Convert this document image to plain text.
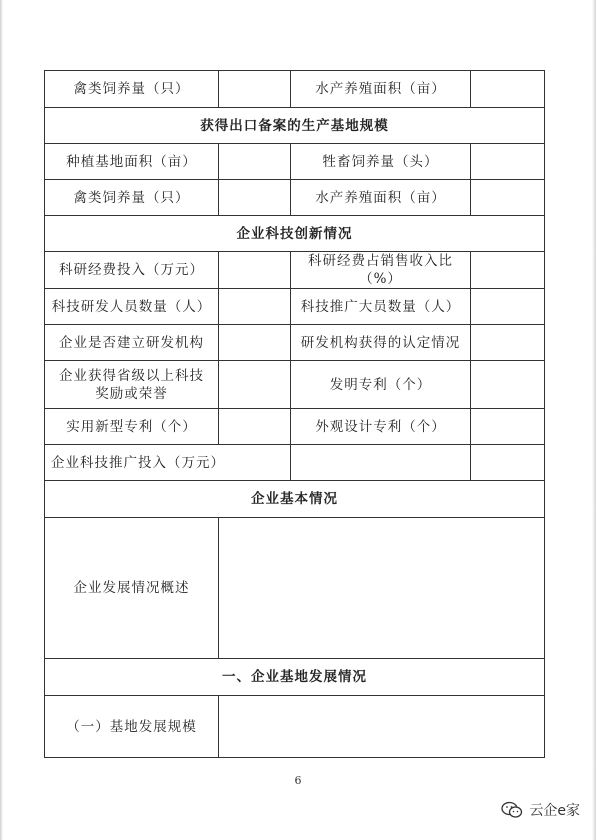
禽类饲养量（只）		水产养殖面积（亩）	
获得出口备案的生产基地规模			
种植基地面积（亩）		牲畜饲养量（头）	
禽类饲养量（只）		水产养殖面积（亩）	
企业科技创新情况			
科研经费投入（万元）		科研经费占销售收入比（%）	
科技研发人员数量（人）		科技推广大员数量（人）	
企业是否建立研发机构		研发机构获得的认定情况	
企业获得省级以上科技奖励或荣誉		发明专利（个）	
实用新型专利（个）		外观设计专利（个）	
企业科技推广投入（万元）			
企业基本情况			
企业发展情况概述			
一、企业基地发展情况			
（一）基地发展规模			
6
云企e家
